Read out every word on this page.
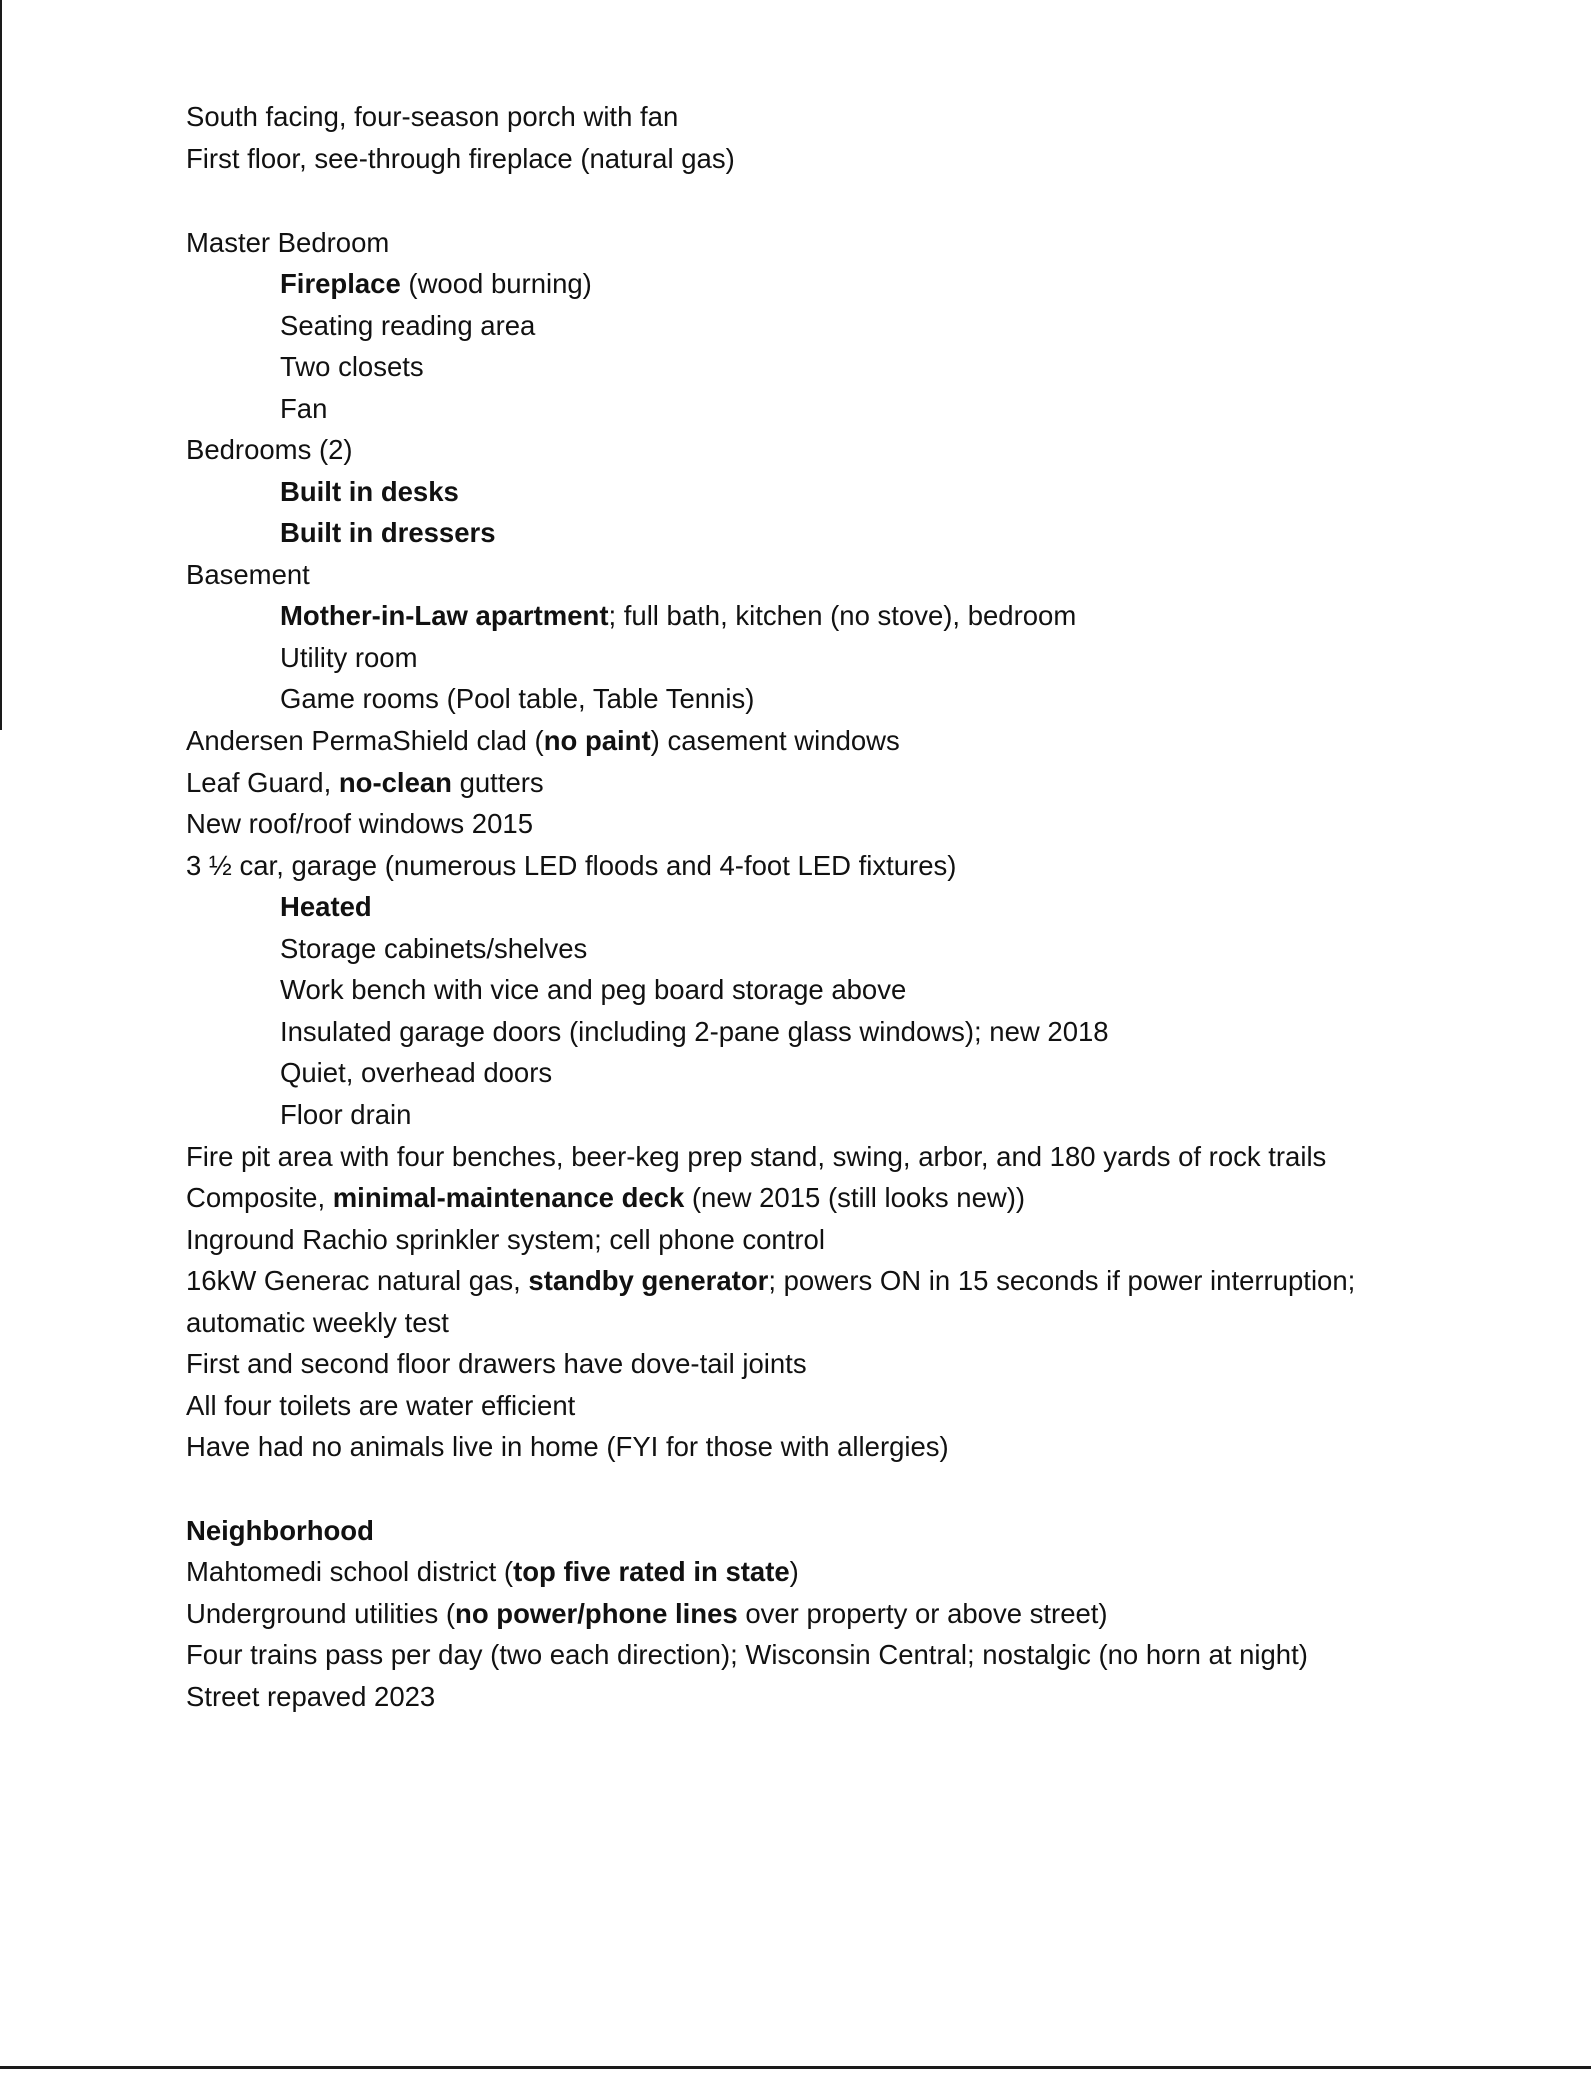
South facing, four-season porch with fan
First floor, see-through fireplace (natural gas)
Master Bedroom
Fireplace (wood burning)
Seating reading area
Two closets
Fan
Bedrooms (2)
Built in desks
Built in dressers
Basement
Mother-in-Law apartment; full bath, kitchen (no stove), bedroom
Utility room
Game rooms (Pool table, Table Tennis)
Andersen PermaShield clad (no paint) casement windows
Leaf Guard, no-clean gutters
New roof/roof windows 2015
3 ½ car, garage (numerous LED floods and 4-foot LED fixtures)
Heated
Storage cabinets/shelves
Work bench with vice and peg board storage above
Insulated garage doors (including 2-pane glass windows); new 2018
Quiet, overhead doors
Floor drain
Fire pit area with four benches, beer-keg prep stand, swing, arbor, and 180 yards of rock trails
Composite, minimal-maintenance deck (new 2015 (still looks new))
Inground Rachio sprinkler system; cell phone control
16kW Generac natural gas, standby generator; powers ON in 15 seconds if power interruption;
automatic weekly test
First and second floor drawers have dove-tail joints
All four toilets are water efficient
Have had no animals live in home (FYI for those with allergies)
Neighborhood
Mahtomedi school district (top five rated in state)
Underground utilities (no power/phone lines over property or above street)
Four trains pass per day (two each direction); Wisconsin Central; nostalgic (no horn at night)
Street repaved 2023
